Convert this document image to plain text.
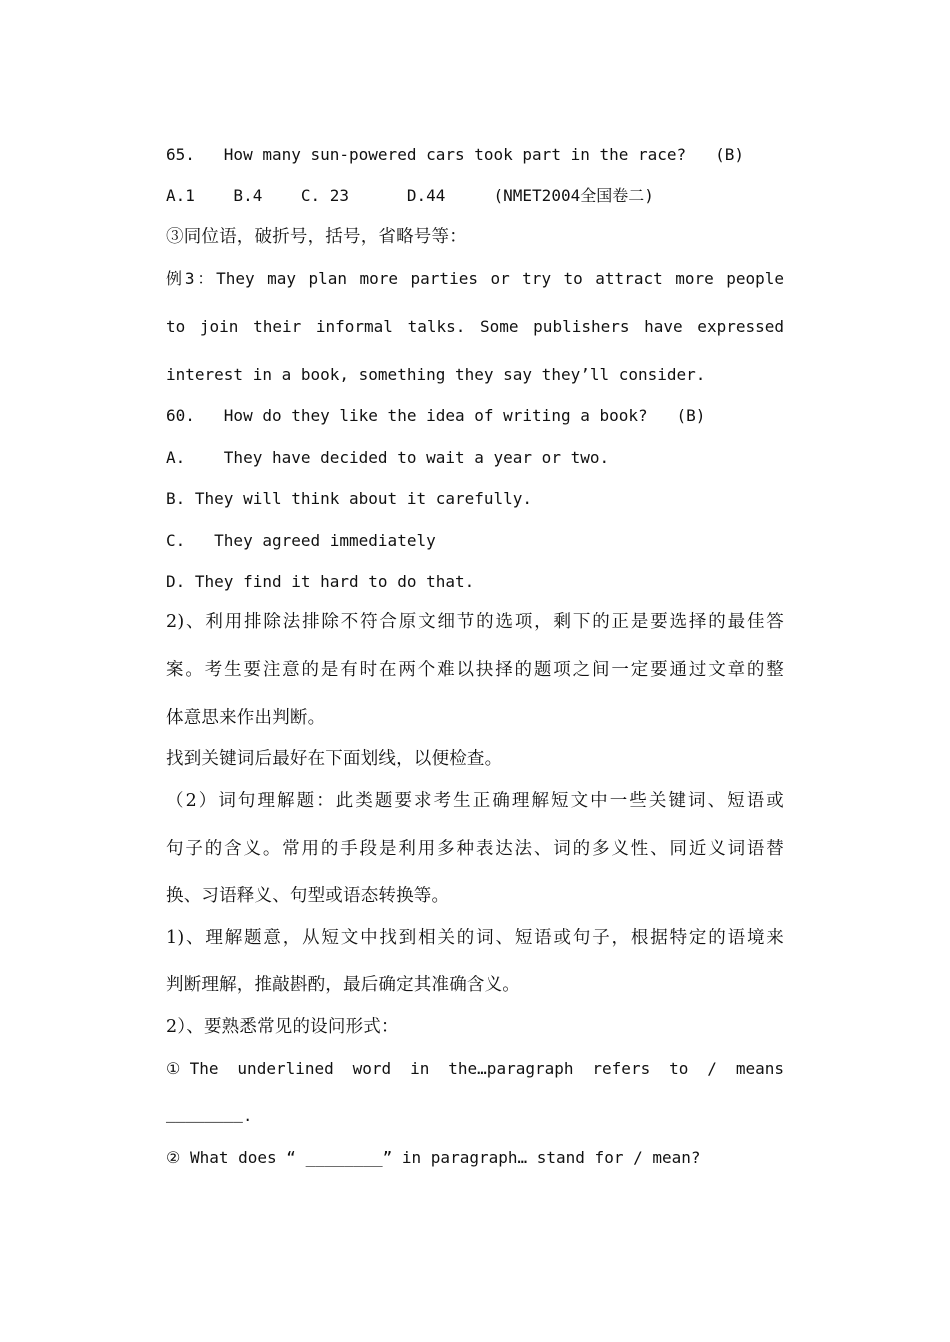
65.   How many sun-powered cars took part in the race?   (B)
A.1    B.4    C. 23      D.44     (NMET2004全国卷二)
③同位语，破折号，括号，省略号等：
例3：They may plan more parties or try to attract more people
to join their informal talks. Some publishers have expressed
interest in a book, something they say they’ll consider.
60.   How do they like the idea of writing a book?   (B)
A.    They have decided to wait a year or two.
B. They will think about it carefully.
C.   They agreed immediately
D. They find it hard to do that.
2)、利用排除法排除不符合原文细节的选项，剩下的正是要选择的最佳答
案。考生要注意的是有时在两个难以抉择的题项之间一定要通过文章的整
体意思来作出判断。
找到关键词后最好在下面划线，以便检查。
（2）词句理解题：此类题要求考生正确理解短文中一些关键词、短语或
句子的含义。常用的手段是利用多种表达法、词的多义性、同近义词语替
换、习语释义、句型或语态转换等。
1)、理解题意，从短文中找到相关的词、短语或句子，根据特定的语境来
判断理解，推敲斟酌，最后确定其准确含义。
2）、要熟悉常见的设问形式：
①The underlined word in the…paragraph refers to / means
________.
② What does “ ________” in paragraph… stand for / mean?
